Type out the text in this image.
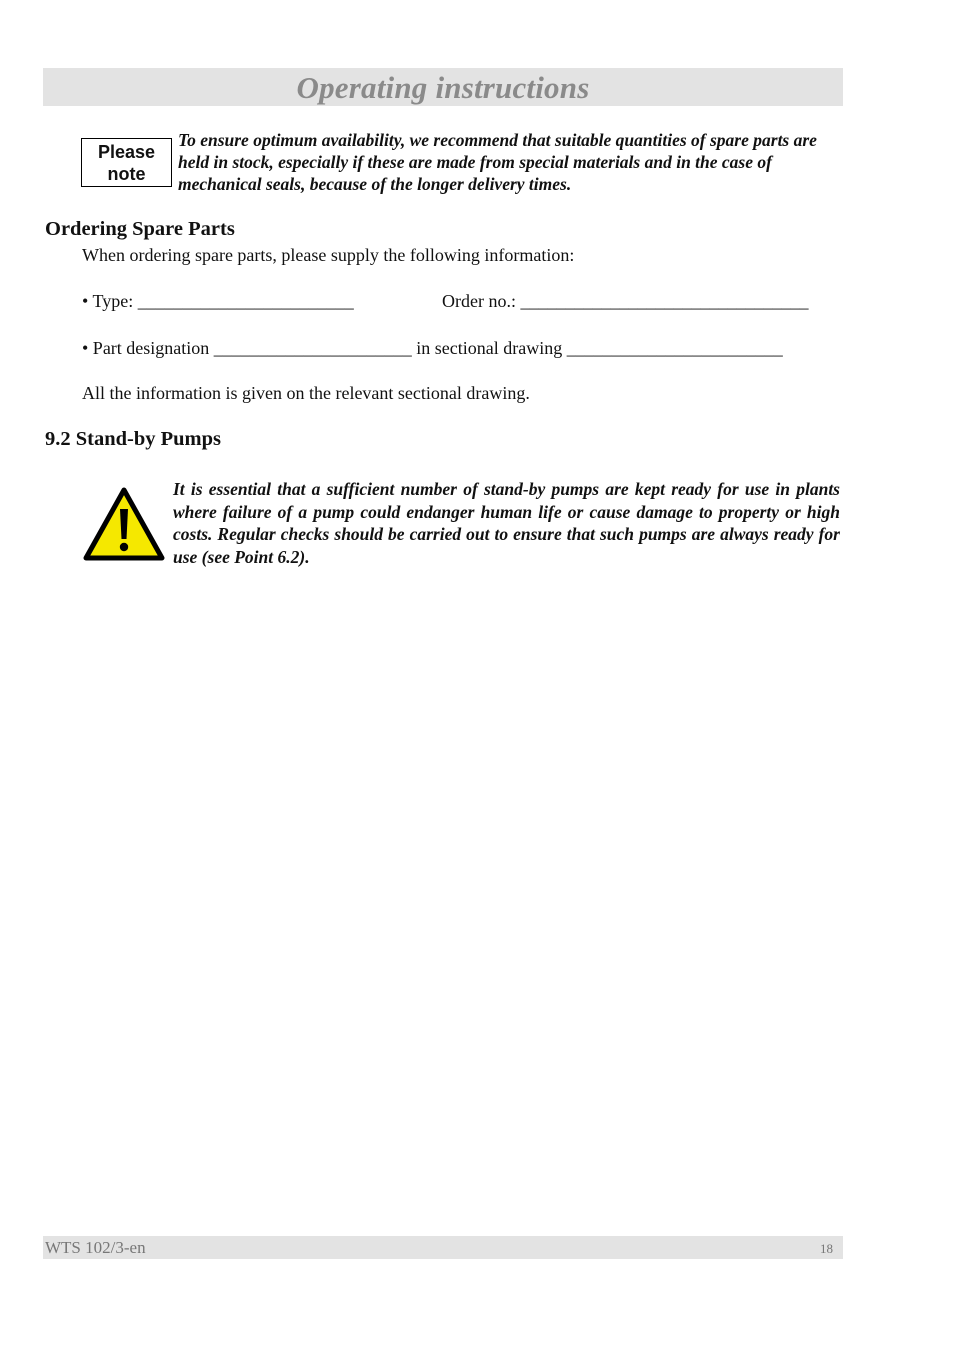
Operating instructions
Please
note
To ensure optimum availability, we recommend that suitable quantities of spare parts are held in stock, especially if these are made from special materials and in the case of mechanical seals, because of the longer delivery times.
Ordering Spare Parts
When ordering spare parts, please supply the following information:
• Type: ________________________	Order no.: ________________________________
• Part designation ______________________ in sectional drawing ________________________
All the information is given on the relevant sectional drawing.
9.2 Stand-by Pumps
It is essential that a sufficient number of stand-by pumps are kept ready for use in plants where failure of a pump could endanger human life or cause damage to property or high costs. Regular checks should be carried out to ensure that such pumps are always ready for use (see Point 6.2).
WTS 102/3-en	18
